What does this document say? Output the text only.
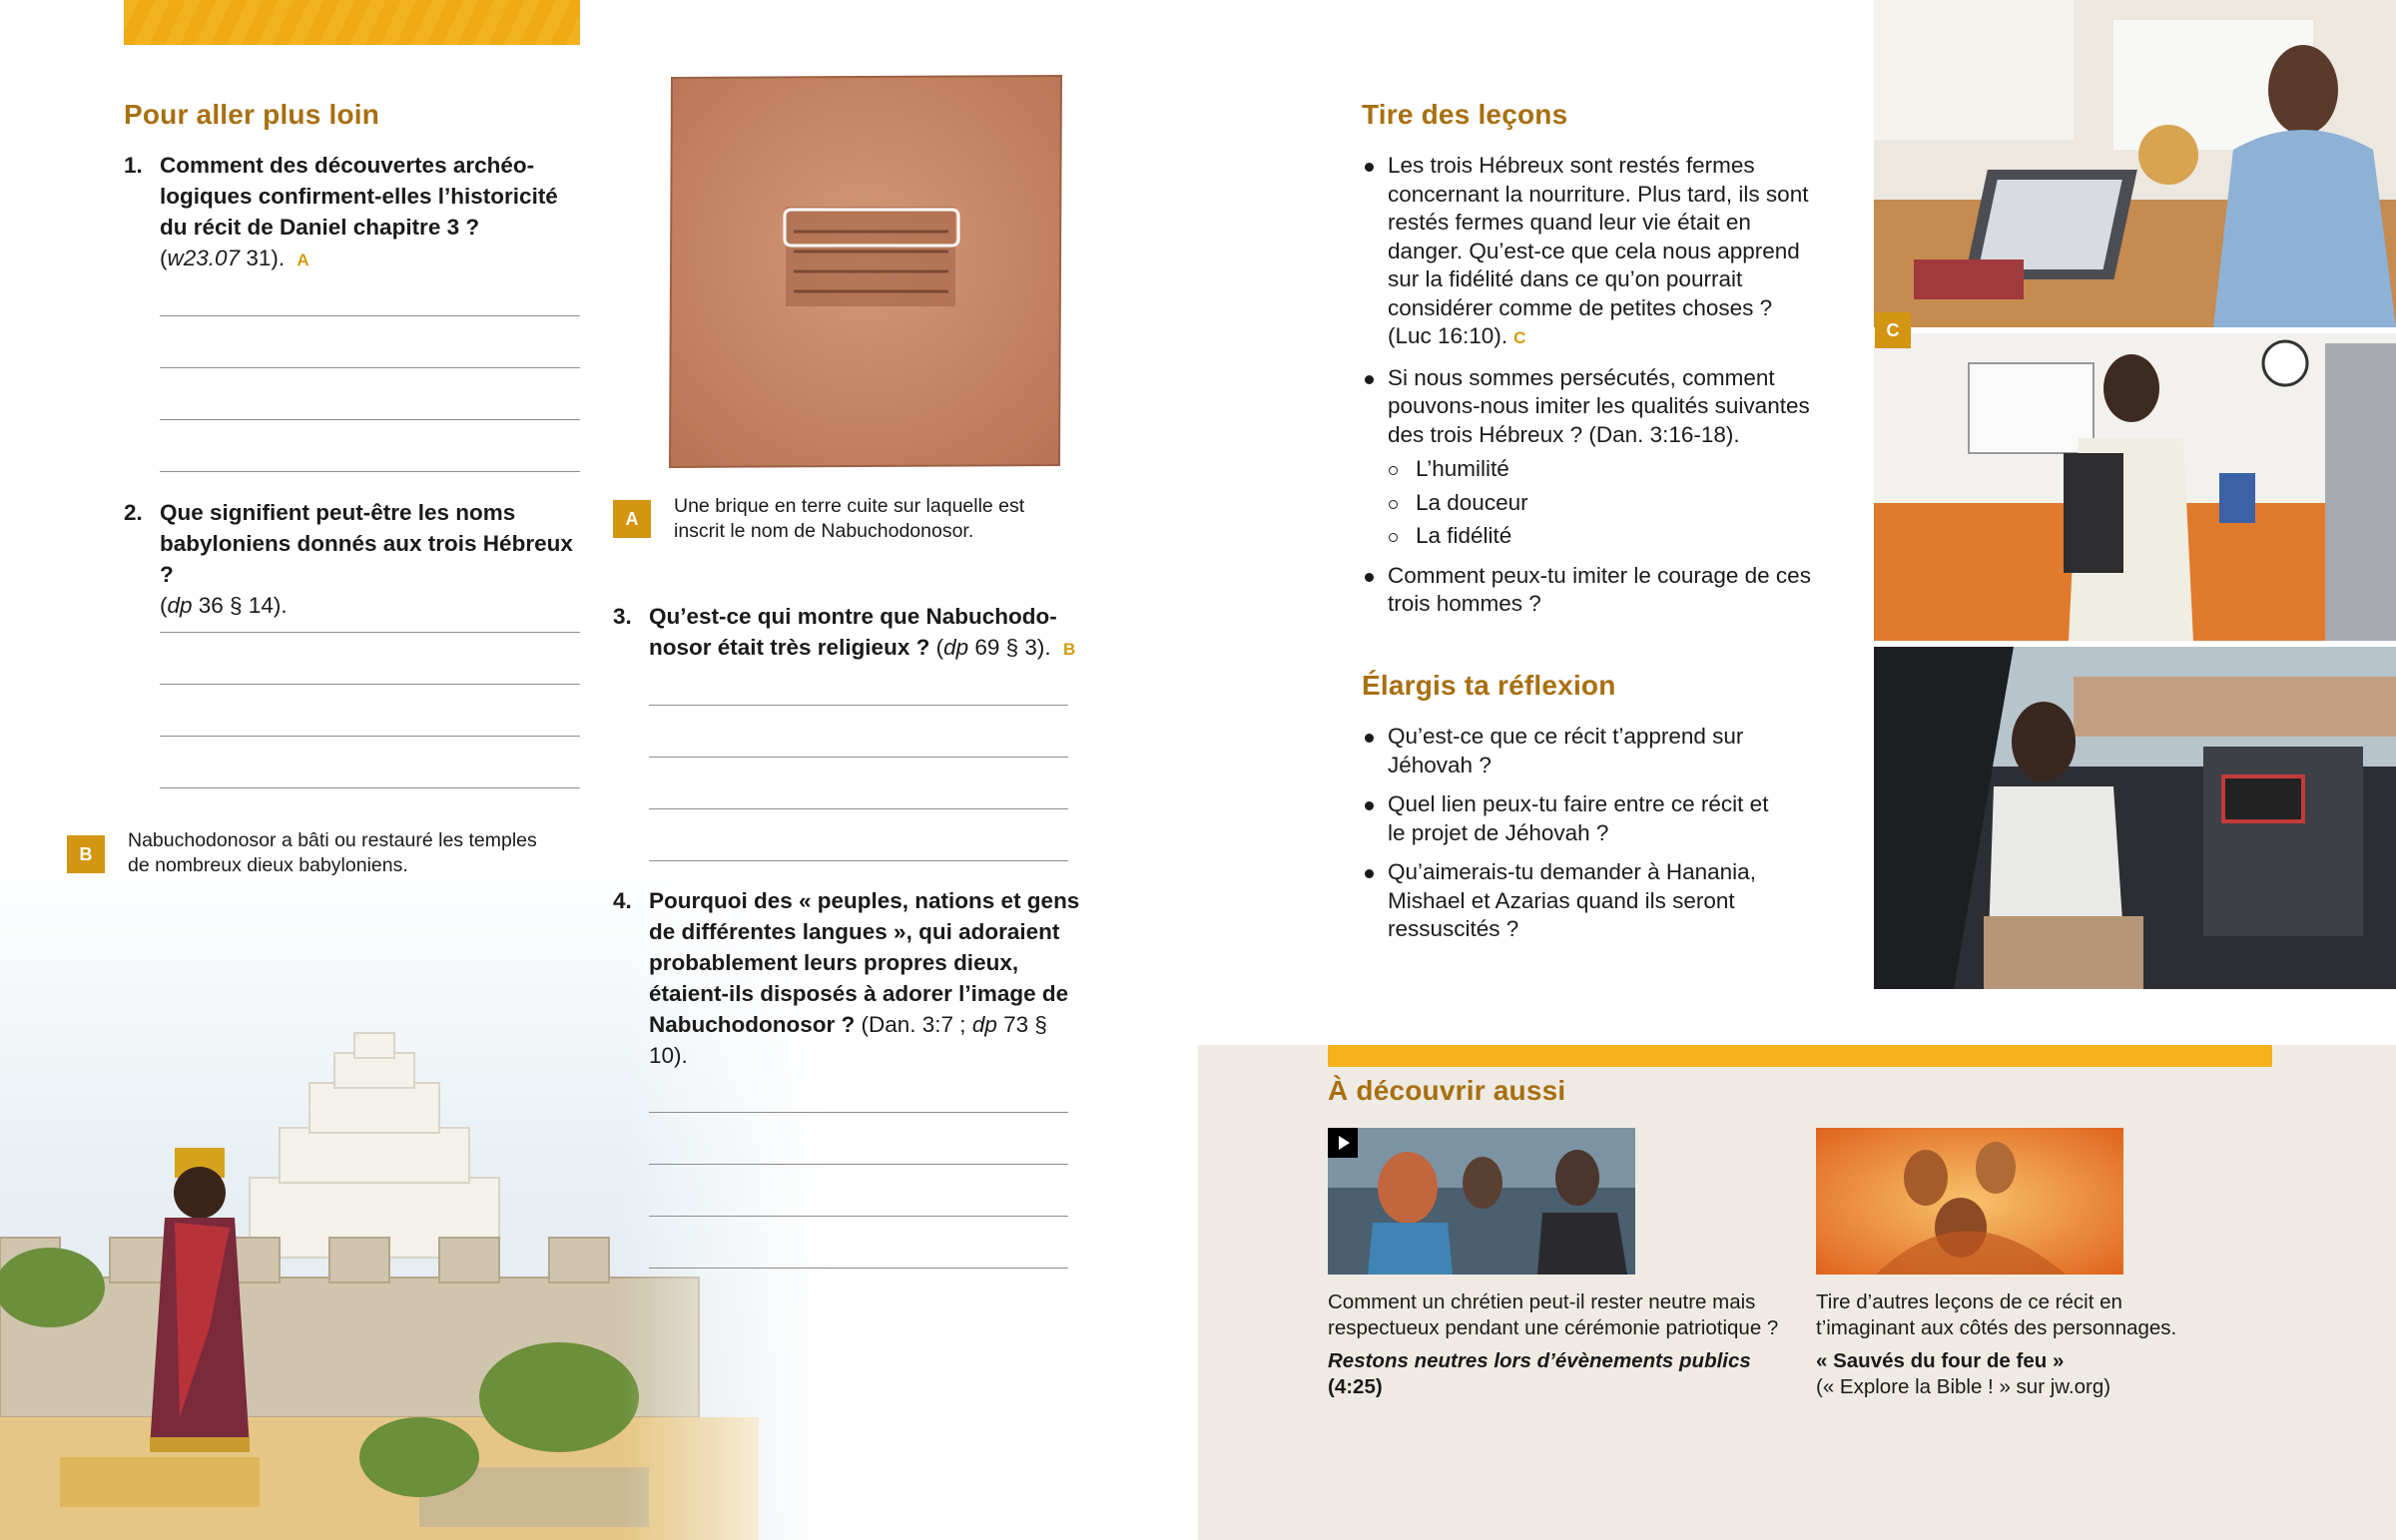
Pour aller plus loin
1. Comment des découvertes archéologiques confirment-elles l’historicité du récit de Daniel chapitre 3 ?
(w23.07 31). A
2. Que signifient peut-être les noms babyloniens donnés aux trois Hébreux ?
(dp 36 § 14).
B
Nabuchodonosor a bâti ou restauré les temples de nombreux dieux babyloniens.
A
Une brique en terre cuite sur laquelle est inscrit le nom de Nabuchodonosor.
3. Qu’est-ce qui montre que Nabuchodonosor était très religieux ? (dp 69 § 3). B
4. Pourquoi des « peuples, nations et gens de différentes langues », qui adoraient probablement leurs propres dieux, étaient-ils disposés à adorer l’image de Nabuchodonosor ? (Dan. 3:7 ; dp 73 § 10).
Tire des leçons
Les trois Hébreux sont restés fermes concernant la nourriture. Plus tard, ils sont restés fermes quand leur vie était en danger. Qu’est-ce que cela nous apprend sur la fidélité dans ce qu’on pourrait considérer comme de petites choses ? (Luc 16:10). C
Si nous sommes persécutés, comment pouvons-nous imiter les qualités suivantes des trois Hébreux ? (Dan. 3:16-18).
L’humilité
La douceur
La fidélité
Comment peux-tu imiter le courage de ces trois hommes ?
Élargis ta réflexion
Qu’est-ce que ce récit t’apprend sur Jéhovah ?
Quel lien peux-tu faire entre ce récit et le projet de Jéhovah ?
Qu’aimerais-tu demander à Hanania, Mishael et Azarias quand ils seront ressuscités ?
C
À découvrir aussi
Comment un chrétien peut-il rester neutre mais respectueux pendant une cérémonie patriotique ?
Restons neutres lors d’évènements publics
(4:25)
Tire d’autres leçons de ce récit en t’imaginant aux côtés des personnages.
« Sauvés du four de feu »
(« Explore la Bible ! » sur jw.org)
